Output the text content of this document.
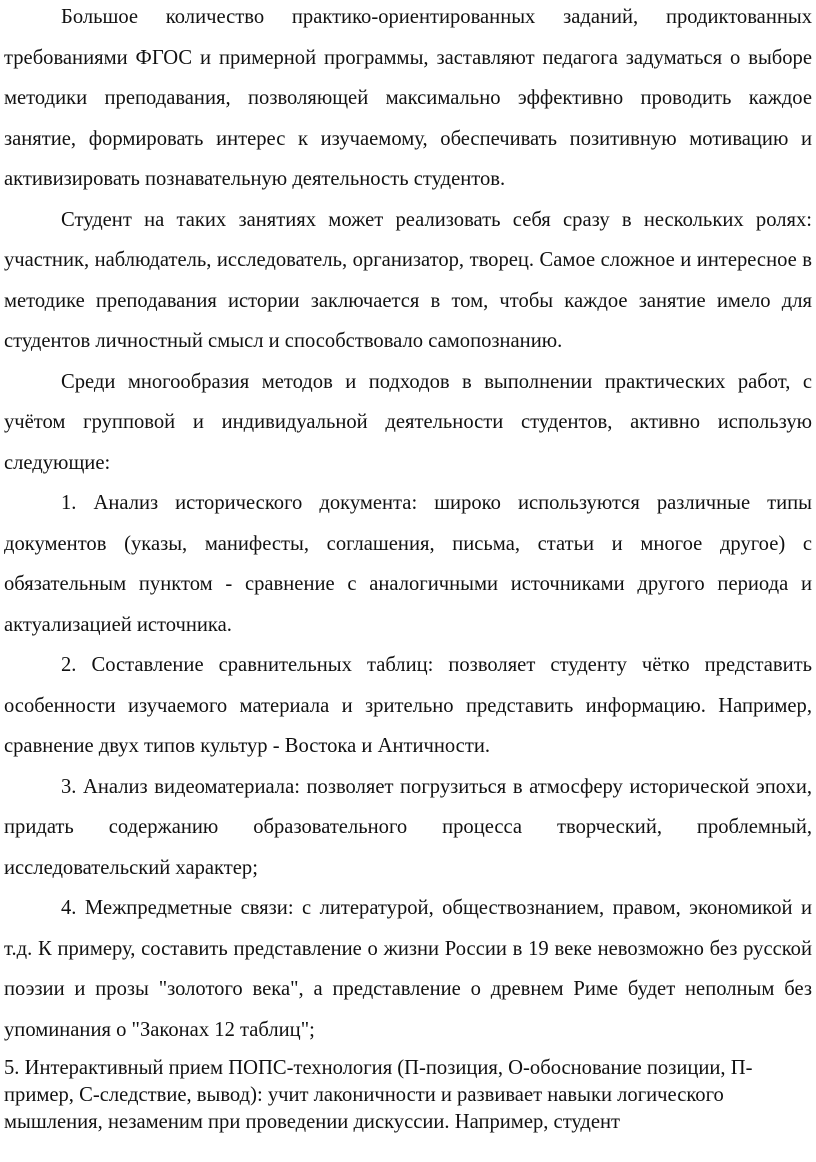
Большое количество практико-ориентированных заданий, продиктованных требованиями ФГОС и примерной программы, заставляют педагога задуматься о выборе методики преподавания, позволяющей максимально эффективно проводить каждое занятие, формировать интерес к изучаемому, обеспечивать позитивную мотивацию и активизировать познавательную деятельность студентов.

Студент на таких занятиях может реализовать себя сразу в нескольких ролях: участник, наблюдатель, исследователь, организатор, творец. Самое сложное и интересное в методике преподавания истории заключается в том, чтобы каждое занятие имело для студентов личностный смысл и способствовало самопознанию.

Среди многообразия методов и подходов в выполнении практических работ, с учётом групповой и индивидуальной деятельности студентов, активно использую следующие:

1. Анализ исторического документа: широко используются различные типы документов (указы, манифесты, соглашения, письма, статьи и многое другое) с обязательным пунктом - сравнение с аналогичными источниками другого периода и актуализацией источника.

2. Составление сравнительных таблиц: позволяет студенту чётко представить особенности изучаемого материала и зрительно представить информацию. Например, сравнение двух типов культур - Востока и Античности.

3. Анализ видеоматериала: позволяет погрузиться в атмосферу исторической эпохи, придать содержанию образовательного процесса творческий, проблемный, исследовательский характер;

4. Межпредметные связи: с литературой, обществознанием, правом, экономикой и т.д. К примеру, составить представление о жизни России в 19 веке невозможно без русской поэзии и прозы "золотого века", а представление о древнем Риме будет неполным без упоминания о "Законах 12 таблиц";

5. Интерактивный прием ПОПС-технология (П-позиция, О-обоснование позиции, П-пример, С-следствие, вывод): учит лаконичности и развивает навыки логического мышления, незаменим при проведении дискуссии. Например, студент
